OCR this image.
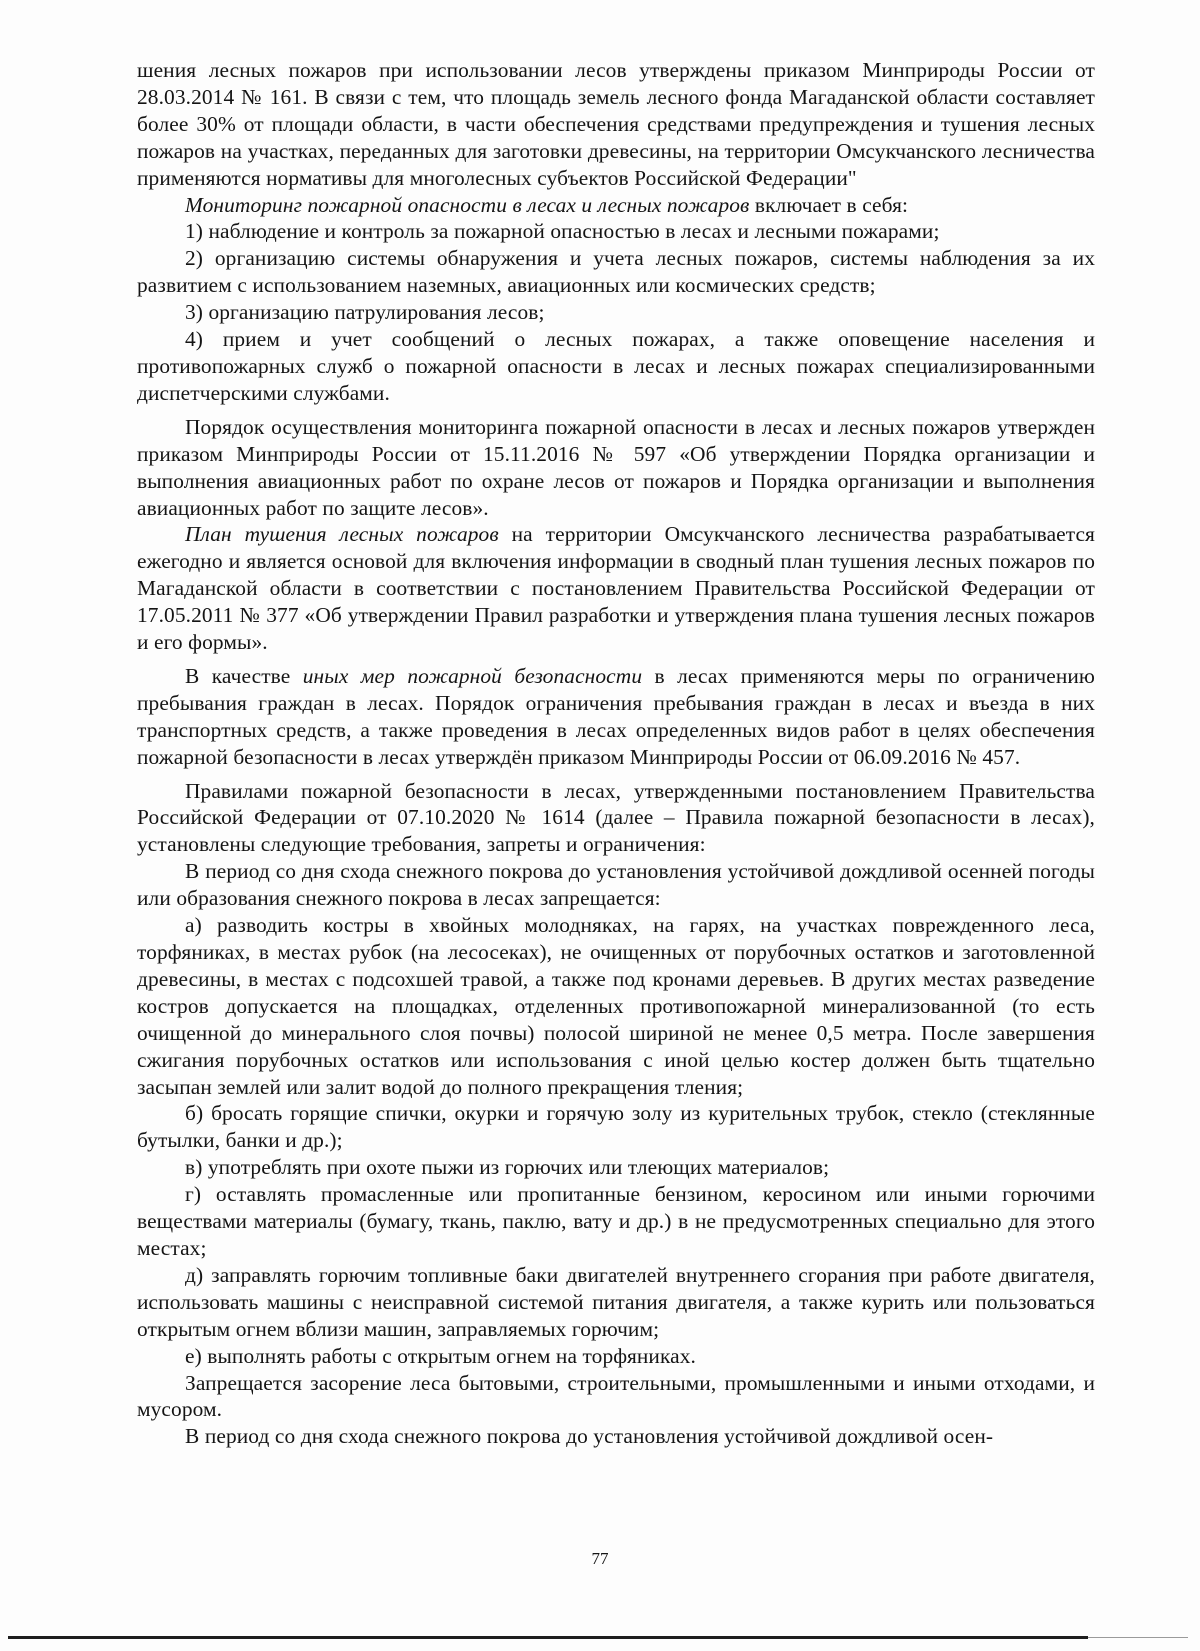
шения лесных пожаров при использовании лесов утверждены приказом Минприроды России от 28.03.2014 № 161. В связи с тем, что площадь земель лесного фонда Магаданской области составляет более 30% от площади области, в части обеспечения средствами предупреждения и тушения лесных пожаров на участках, переданных для заготовки древесины, на территории Омсукчанского лесничества применяются нормативы для многолесных субъектов Российской Федерации"

Мониторинг пожарной опасности в лесах и лесных пожаров включает в себя:

1) наблюдение и контроль за пожарной опасностью в лесах и лесными пожарами;

2) организацию системы обнаружения и учета лесных пожаров, системы наблюдения за их развитием с использованием наземных, авиационных или космических средств;

3) организацию патрулирования лесов;

4) прием и учет сообщений о лесных пожарах, а также оповещение населения и противопожарных служб о пожарной опасности в лесах и лесных пожарах специализированными диспетчерскими службами.

Порядок осуществления мониторинга пожарной опасности в лесах и лесных пожаров утвержден приказом Минприроды России от 15.11.2016 № 597 «Об утверждении Порядка организации и выполнения авиационных работ по охране лесов от пожаров и Порядка организации и выполнения авиационных работ по защите лесов».

План тушения лесных пожаров на территории Омсукчанского лесничества разрабатывается ежегодно и является основой для включения информации в сводный план тушения лесных пожаров по Магаданской области в соответствии с постановлением Правительства Российской Федерации от 17.05.2011 № 377 «Об утверждении Правил разработки и утверждения плана тушения лесных пожаров и его формы».

В качестве иных мер пожарной безопасности в лесах применяются меры по ограничению пребывания граждан в лесах. Порядок ограничения пребывания граждан в лесах и въезда в них транспортных средств, а также проведения в лесах определенных видов работ в целях обеспечения пожарной безопасности в лесах утверждён приказом Минприроды России от 06.09.2016 № 457.

Правилами пожарной безопасности в лесах, утвержденными постановлением Правительства Российской Федерации от 07.10.2020 № 1614 (далее – Правила пожарной безопасности в лесах), установлены следующие требования, запреты и ограничения:

В период со дня схода снежного покрова до установления устойчивой дождливой осенней погоды или образования снежного покрова в лесах запрещается:

а) разводить костры в хвойных молодняках, на гарях, на участках поврежденного леса, торфяниках, в местах рубок (на лесосеках), не очищенных от порубочных остатков и заготовленной древесины, в местах с подсохшей травой, а также под кронами деревьев. В других местах разведение костров допускается на площадках, отделенных противопожарной минерализованной (то есть очищенной до минерального слоя почвы) полосой шириной не менее 0,5 метра. После завершения сжигания порубочных остатков или использования с иной целью костер должен быть тщательно засыпан землей или залит водой до полного прекращения тления;

б) бросать горящие спички, окурки и горячую золу из курительных трубок, стекло (стеклянные бутылки, банки и др.);

в) употреблять при охоте пыжи из горючих или тлеющих материалов;

г) оставлять промасленные или пропитанные бензином, керосином или иными горючими веществами материалы (бумагу, ткань, паклю, вату и др.) в не предусмотренных специально для этого местах;

д) заправлять горючим топливные баки двигателей внутреннего сгорания при работе двигателя, использовать машины с неисправной системой питания двигателя, а также курить или пользоваться открытым огнем вблизи машин, заправляемых горючим;

е) выполнять работы с открытым огнем на торфяниках.

Запрещается засорение леса бытовыми, строительными, промышленными и иными отходами, и мусором.

В период со дня схода снежного покрова до установления устойчивой дождливой осен-

77
